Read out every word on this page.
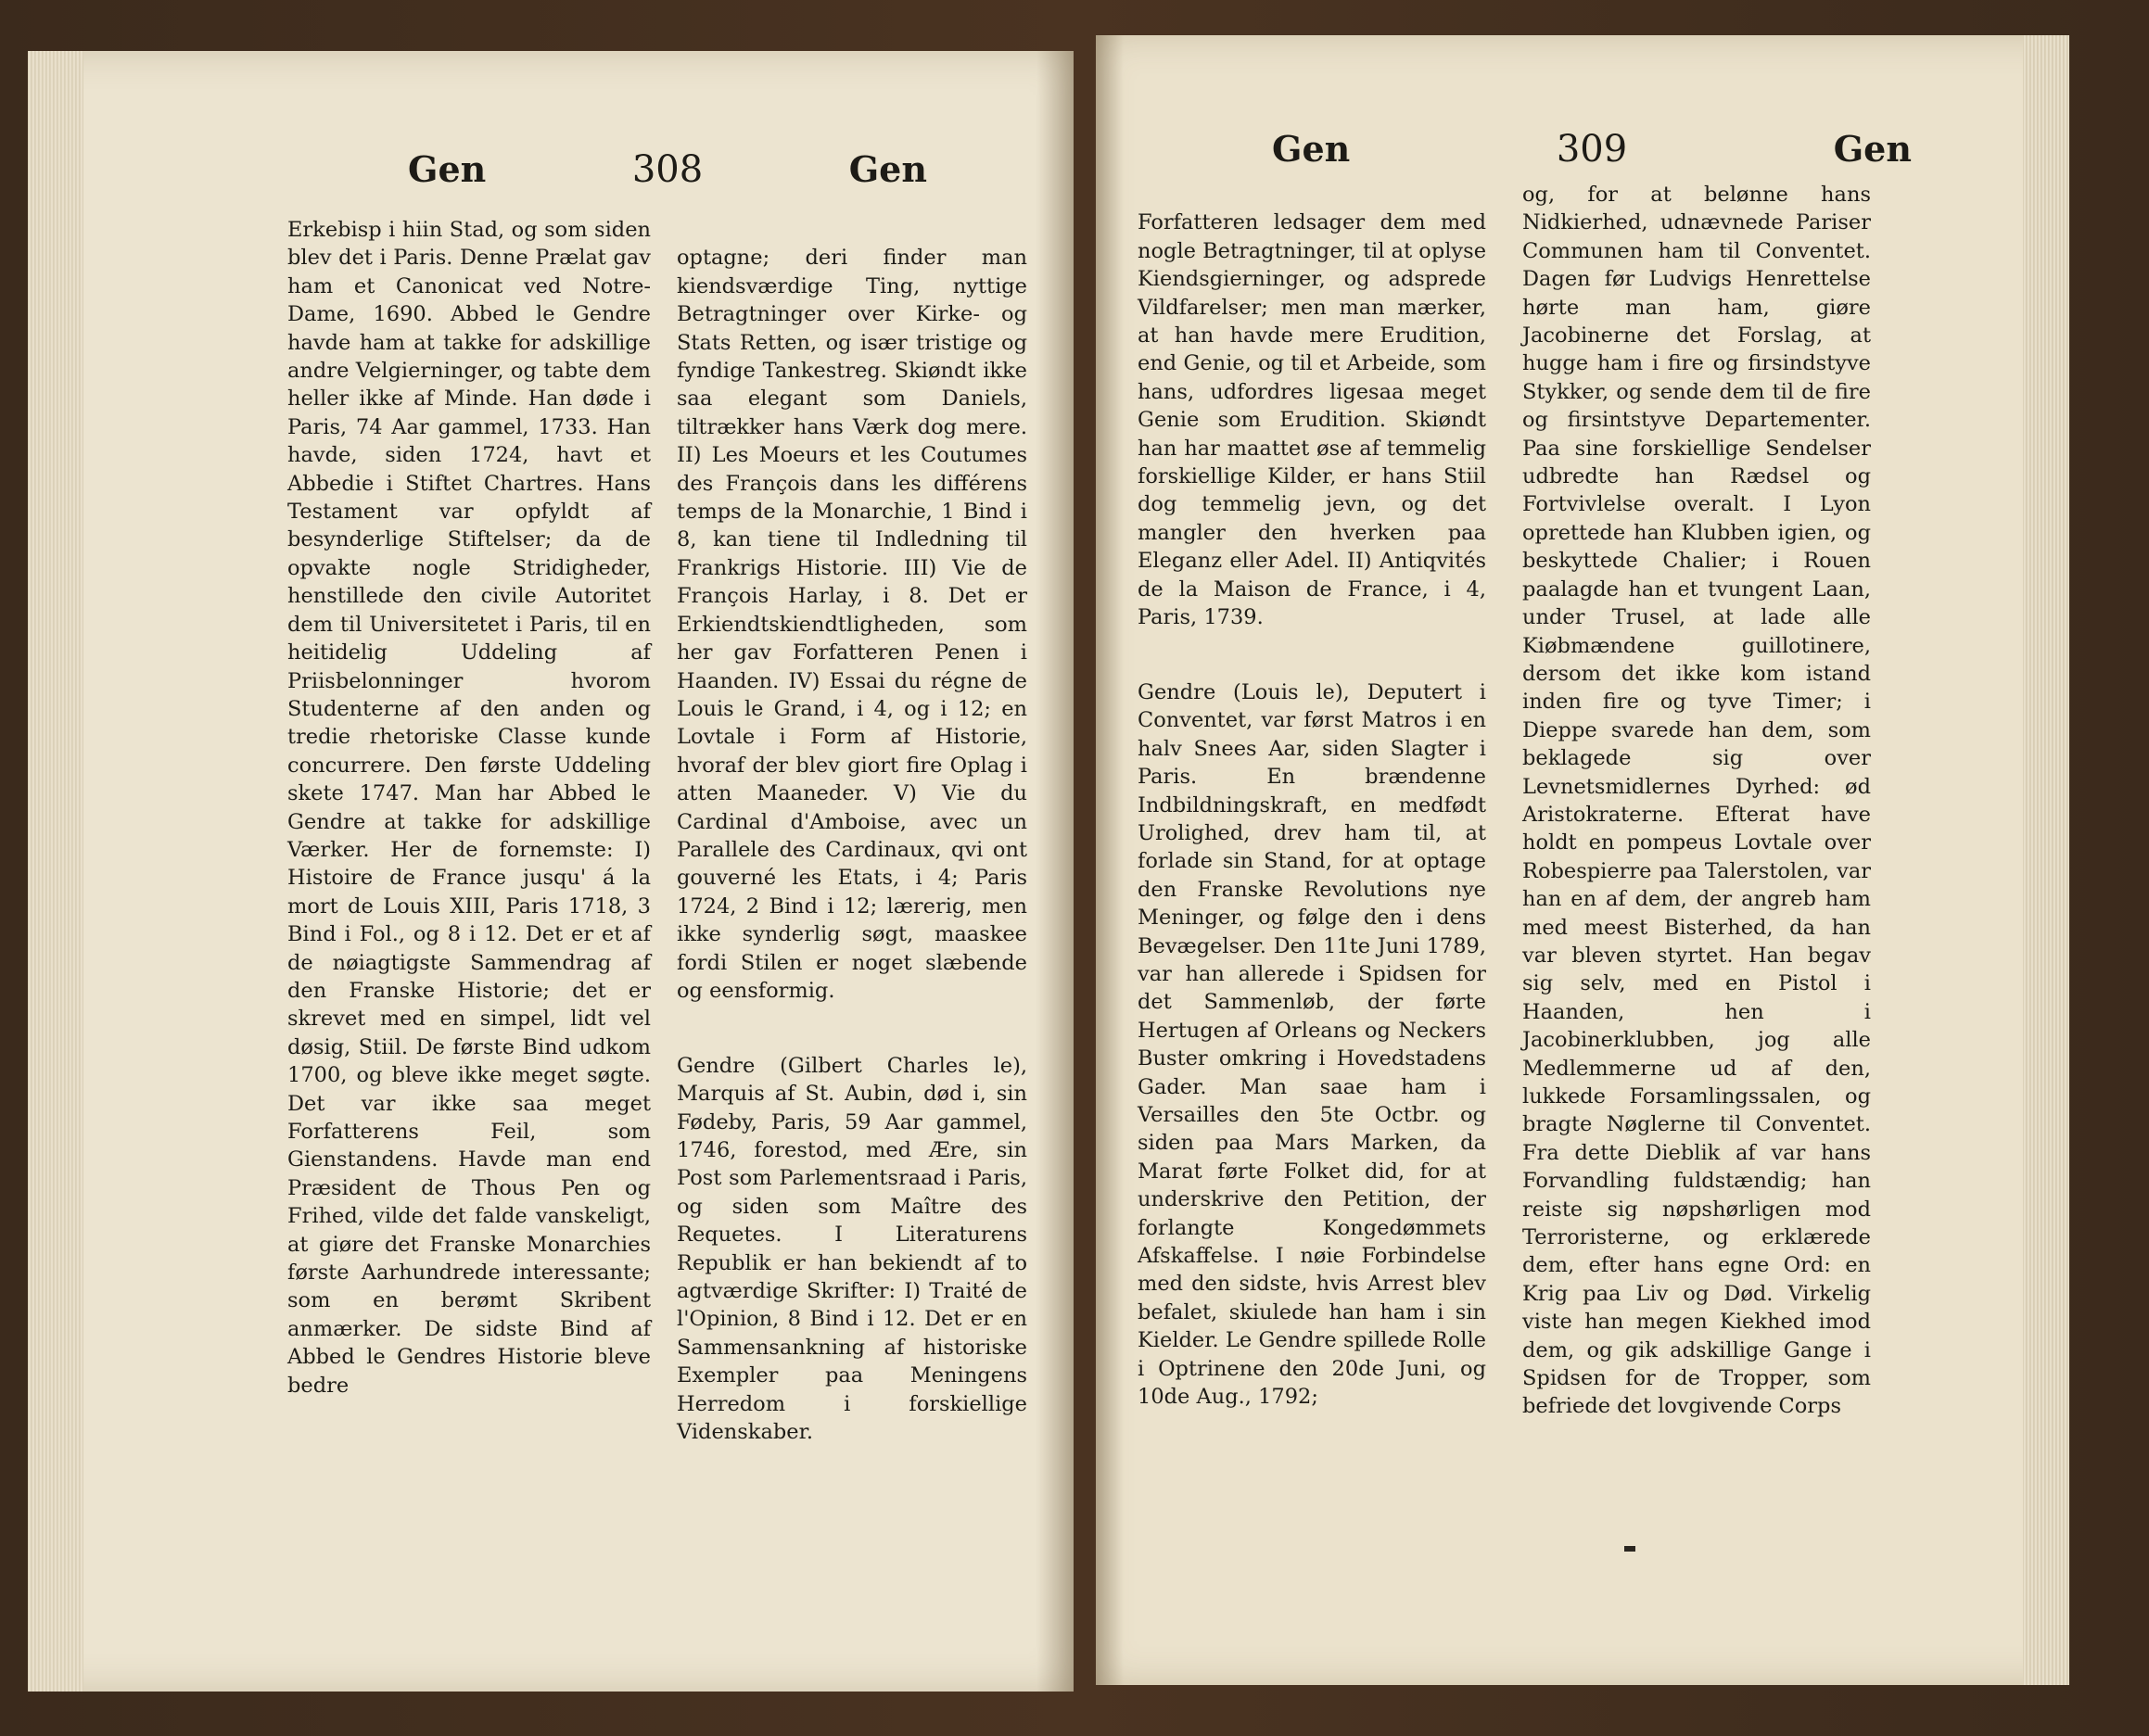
Gen	308	Gen
Erkebisp i hiin Stad, og som siden blev det i Paris. Denne Prælat gav ham et Canonicat ved Notre-Dame, 1690. Abbed le Gendre havde ham at takke for adskillige andre Velgierninger, og tabte dem heller ikke af Minde. Han døde i Paris, 74 Aar gammel, 1733. Han havde, siden 1724, havt et Abbedie i Stiftet Chartres. Hans Testament var opfyldt af besynderlige Stiftelser; da de opvakte nogle Stridigheder, henstillede den civile Autoritet dem til Universitetet i Paris, til en heitidelig Uddeling af Priisbelonninger hvorom Studenterne af den anden og tredie rhetoriske Classe kunde concurrere. Den første Uddeling skete 1747. Man har Abbed le Gendre at takke for adskillige Værker. Her de fornemste: I) Histoire de France jusqu' á la mort de Louis XIII, Paris 1718, 3 Bind i Fol., og 8 i 12. Det er et af de nøiagtigste Sammendrag af den Franske Historie; det er skrevet med en simpel, lidt vel døsig, Stiil. De første Bind udkom 1700, og bleve ikke meget søgte. Det var ikke saa meget Forfatterens Feil, som Gienstandens. Havde man end Præsident de Thous Pen og Frihed, vilde det falde vanskeligt, at giøre det Franske Monarchies første Aarhundrede interessante; som en berømt Skribent anmærker. De sidste Bind af Abbed le Gendres Historie bleve bedre

optagne; deri finder man kiendsværdige Ting, nyttige Betragtninger over Kirke- og Stats Retten, og især tristige og fyndige Tankestreg. Skiøndt ikke saa elegant som Daniels, tiltrækker hans Værk dog mere. II) Les Moeurs et les Coutumes des François dans les différens temps de la Monarchie, 1 Bind i 8, kan tiene til Indledning til Frankrigs Historie. III) Vie de François Harlay, i 8. Det er Erkiendtskiendtligheden, som her gav Forfatteren Penen i Haanden. IV) Essai du régne de Louis le Grand, i 4, og i 12; en Lovtale i Form af Historie, hvoraf der blev giort fire Oplag i atten Maaneder. V) Vie du Cardinal d'Amboise, avec un Parallele des Cardinaux, qvi ont gouverné les Etats, i 4; Paris 1724, 2 Bind i 12; lærerig, men ikke synderlig søgt, maaskee fordi Stilen er noget slæbende og eensformig.

Gendre (Gilbert Charles le), Marquis af St. Aubin, død i, sin Fødeby, Paris, 59 Aar gammel, 1746, forestod, med Ære, sin Post som Parlementsraad i Paris, og siden som Maître des Requetes. I Literaturens Republik er han bekiendt af to agtværdige Skrifter: I) Traité de l'Opinion, 8 Bind i 12. Det er en Sammensankning af historiske Exempler paa Meningens Herredom i forskiellige Videnskaber.

Gen	309	Gen

Forfatteren ledsager dem med nogle Betragtninger, til at oplyse Kiendsgierninger, og adsprede Vildfarelser; men man mærker, at han havde mere Erudition, end Genie, og til et Arbeide, som hans, udfordres ligesaa meget Genie som Erudition. Skiøndt han har maattet øse af temmelig forskiellige Kilder, er hans Stiil dog temmelig jevn, og det mangler den hverken paa Eleganz eller Adel. II) Antiqvités de la Maison de France, i 4, Paris, 1739.

Gendre (Louis le), Deputert i Conventet, var først Matros i en halv Snees Aar, siden Slagter i Paris. En brændenne Indbildningskraft, en medfødt Urolighed, drev ham til, at forlade sin Stand, for at optage den Franske Revolutions nye Meninger, og følge den i dens Bevægelser. Den 11te Juni 1789, var han allerede i Spidsen for det Sammenløb, der førte Hertugen af Orleans og Neckers Buster omkring i Hovedstadens Gader. Man saae ham i Versailles den 5te Octbr. og siden paa Mars Marken, da Marat førte Folket did, for at underskrive den Petition, der forlangte Kongedømmets Afskaffelse. I nøie Forbindelse med den sidste, hvis Arrest blev befalet, skiulede han ham i sin Kielder. Le Gendre spillede Rolle i Optrinene den 20de Juni, og 10de Aug., 1792;

og, for at belønne hans Nidkierhed, udnævnede Pariser Communen ham til Conventet. Dagen før Ludvigs Henrettelse hørte man ham, giøre Jacobinerne det Forslag, at hugge ham i fire og firsindstyve Stykker, og sende dem til de fire og firsintstyve Departementer. Paa sine forskiellige Sendelser udbredte han Rædsel og Fortvivlelse overalt. I Lyon oprettede han Klubben igien, og beskyttede Chalier; i Rouen paalagde han et tvungent Laan, under Trusel, at lade alle Kiøbmændene guillotinere, dersom det ikke kom istand inden fire og tyve Timer; i Dieppe svarede han dem, som beklagede sig over Levnetsmidlernes Dyrhed: ød Aristokraterne. Efterat have holdt en pompeus Lovtale over Robespierre paa Talerstolen, var han en af dem, der angreb ham med meest Bisterhed, da han var bleven styrtet. Han begav sig selv, med en Pistol i Haanden, hen i Jacobinerklubben, jog alle Medlemmerne ud af den, lukkede Forsamlingssalen, og bragte Nøglerne til Conventet. Fra dette Dieblik af var hans Forvandling fuldstændig; han reiste sig nøpshørligen mod Terroristerne, og erklærede dem, efter hans egne Ord: en Krig paa Liv og Død. Virkelig viste han megen Kiekhed imod dem, og gik adskillige Gange i Spidsen for de Tropper, som befriede det lovgivende Corps
